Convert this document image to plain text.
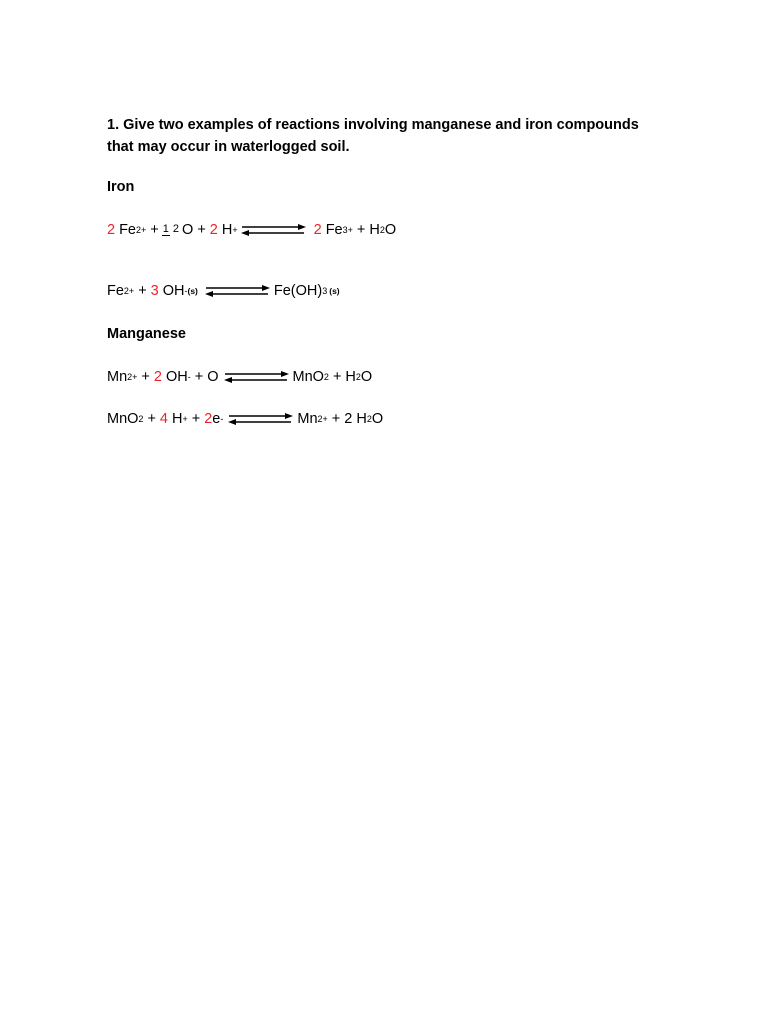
1. Give two examples of reactions involving manganese and iron compounds
that may occur in waterlogged soil.
Iron
2 Fe 2+ + 1 2 O + 2 H +	2 Fe 3+ + H 2 O
Fe 2+ + 3 OH - (s)	Fe(OH) 3 (s)
Manganese
Mn 2+ + 2 OH - + O	MnO 2 + H 2 O
MnO 2 + 4 H + + 2 e -	Mn 2+ + 2 H 2 O
